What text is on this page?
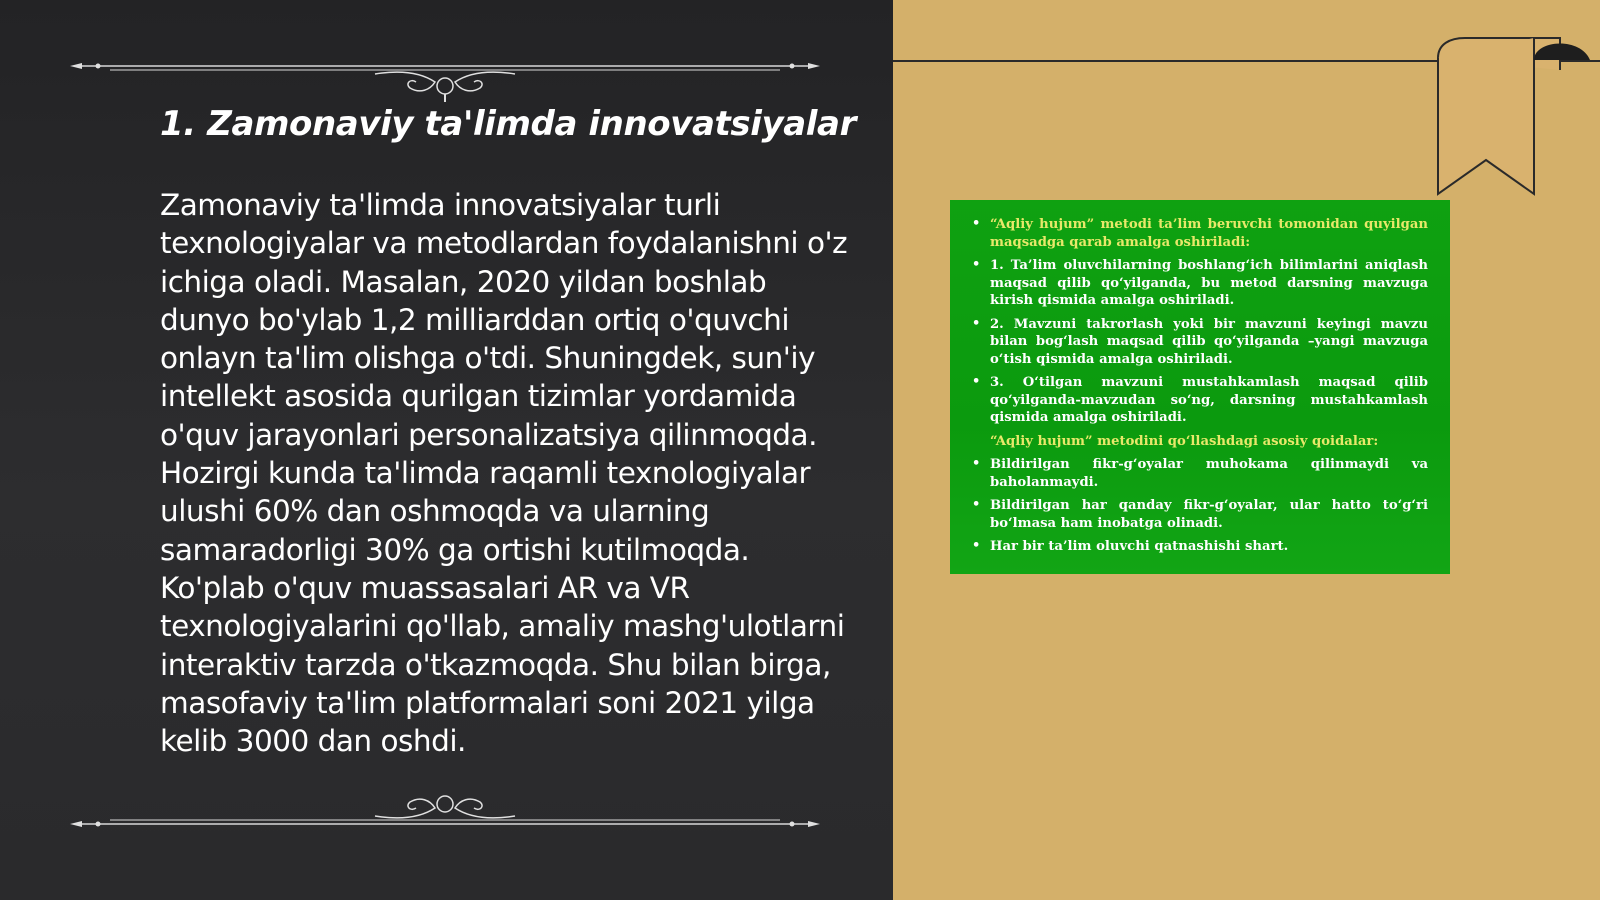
1. Zamonaviy ta'limda innovatsiyalar

Zamonaviy ta'limda innovatsiyalar turli texnologiyalar va metodlardan foydalanishni o'z ichiga oladi. Masalan, 2020 yildan boshlab dunyo bo'ylab 1,2 milliarddan ortiq o'quvchi onlayn ta'lim olishga o'tdi. Shuningdek, sun'iy intellekt asosida qurilgan tizimlar yordamida o'quv jarayonlari personalizatsiya qilinmoqda. Hozirgi kunda ta'limda raqamli texnologiyalar ulushi 60% dan oshmoqda va ularning samaradorligi 30% ga ortishi kutilmoqda. Ko'plab o'quv muassasalari AR va VR texnologiyalarini qo'llab, amaliy mashg'ulotlarni interaktiv tarzda o'tkazmoqda. Shu bilan birga, masofaviy ta'lim platformalari soni 2021 yilga kelib 3000 dan oshdi.

• “Aqliy hujum” metodi ta’lim beruvchi tomonidan quyilgan maqsadga qarab amalga oshiriladi:
• 1. Ta’lim oluvchilarning boshlang‘ich bilimlarini aniqlash maqsad qilib qo‘yilganda, bu metod darsning mavzuga kirish qismida amalga oshiriladi.
• 2. Mavzuni takrorlash yoki bir mavzuni keyingi mavzu bilan bog‘lash maqsad qilib qo‘yilganda –yangi mavzuga o‘tish qismida amalga oshiriladi.
• 3. O‘tilgan mavzuni mustahkamlash maqsad qilib qo‘yilganda-mavzudan so‘ng, darsning mustahkamlash qismida amalga oshiriladi.
“Aqliy hujum” metodini qo‘llashdagi asosiy qoidalar:
• Bildirilgan fikr-g‘oyalar muhokama qilinmaydi va baholanmaydi.
• Bildirilgan har qanday fikr-g‘oyalar, ular hatto to‘g‘ri bo‘lmasa ham inobatga olinadi.
• Har bir ta’lim oluvchi qatnashishi shart.
